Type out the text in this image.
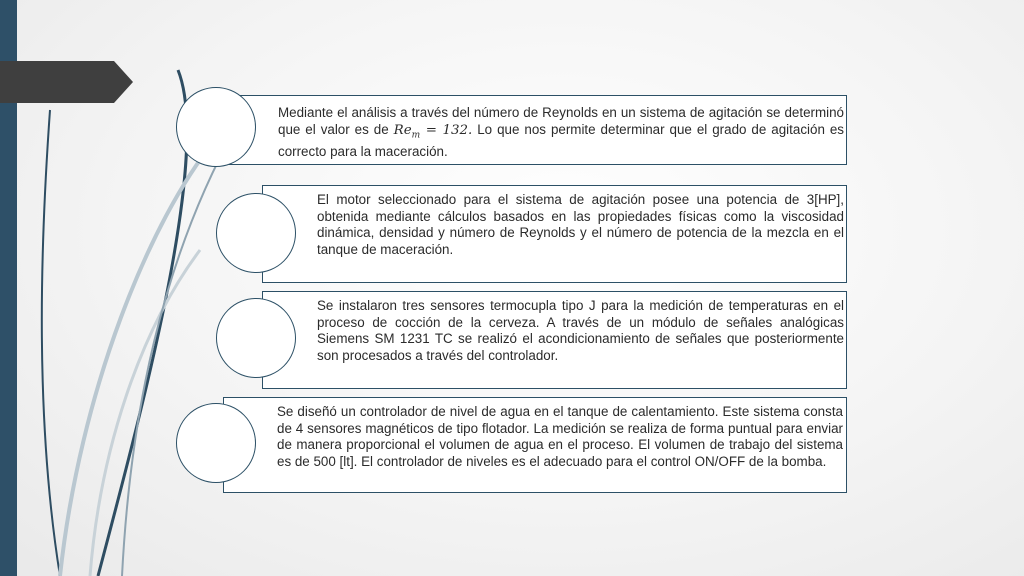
Mediante el análisis a través del número de Reynolds en un sistema de agitación se determinó que el valor es de $Re_m = 132$. Lo que nos permite determinar que el grado de agitación es correcto para la maceración.
El motor seleccionado para el sistema de agitación posee una potencia de 3[HP], obtenida mediante cálculos basados en las propiedades físicas como la viscosidad dinámica, densidad y número de Reynolds y el número de potencia de la mezcla en el tanque de maceración.
Se instalaron tres sensores termocupla tipo J para la medición de temperaturas en el proceso de cocción de la cerveza. A través de un módulo de señales analógicas Siemens SM 1231 TC se realizó el acondicionamiento de señales que posteriormente son procesados a través del controlador.
Se diseñó un controlador de nivel de agua en el tanque de calentamiento. Este sistema consta de 4 sensores magnéticos de tipo flotador. La medición se realiza de forma puntual para enviar de manera proporcional el volumen de agua en el proceso. El volumen de trabajo del sistema es de 500 [lt]. El controlador de niveles es el adecuado para el control ON/OFF de la bomba.
